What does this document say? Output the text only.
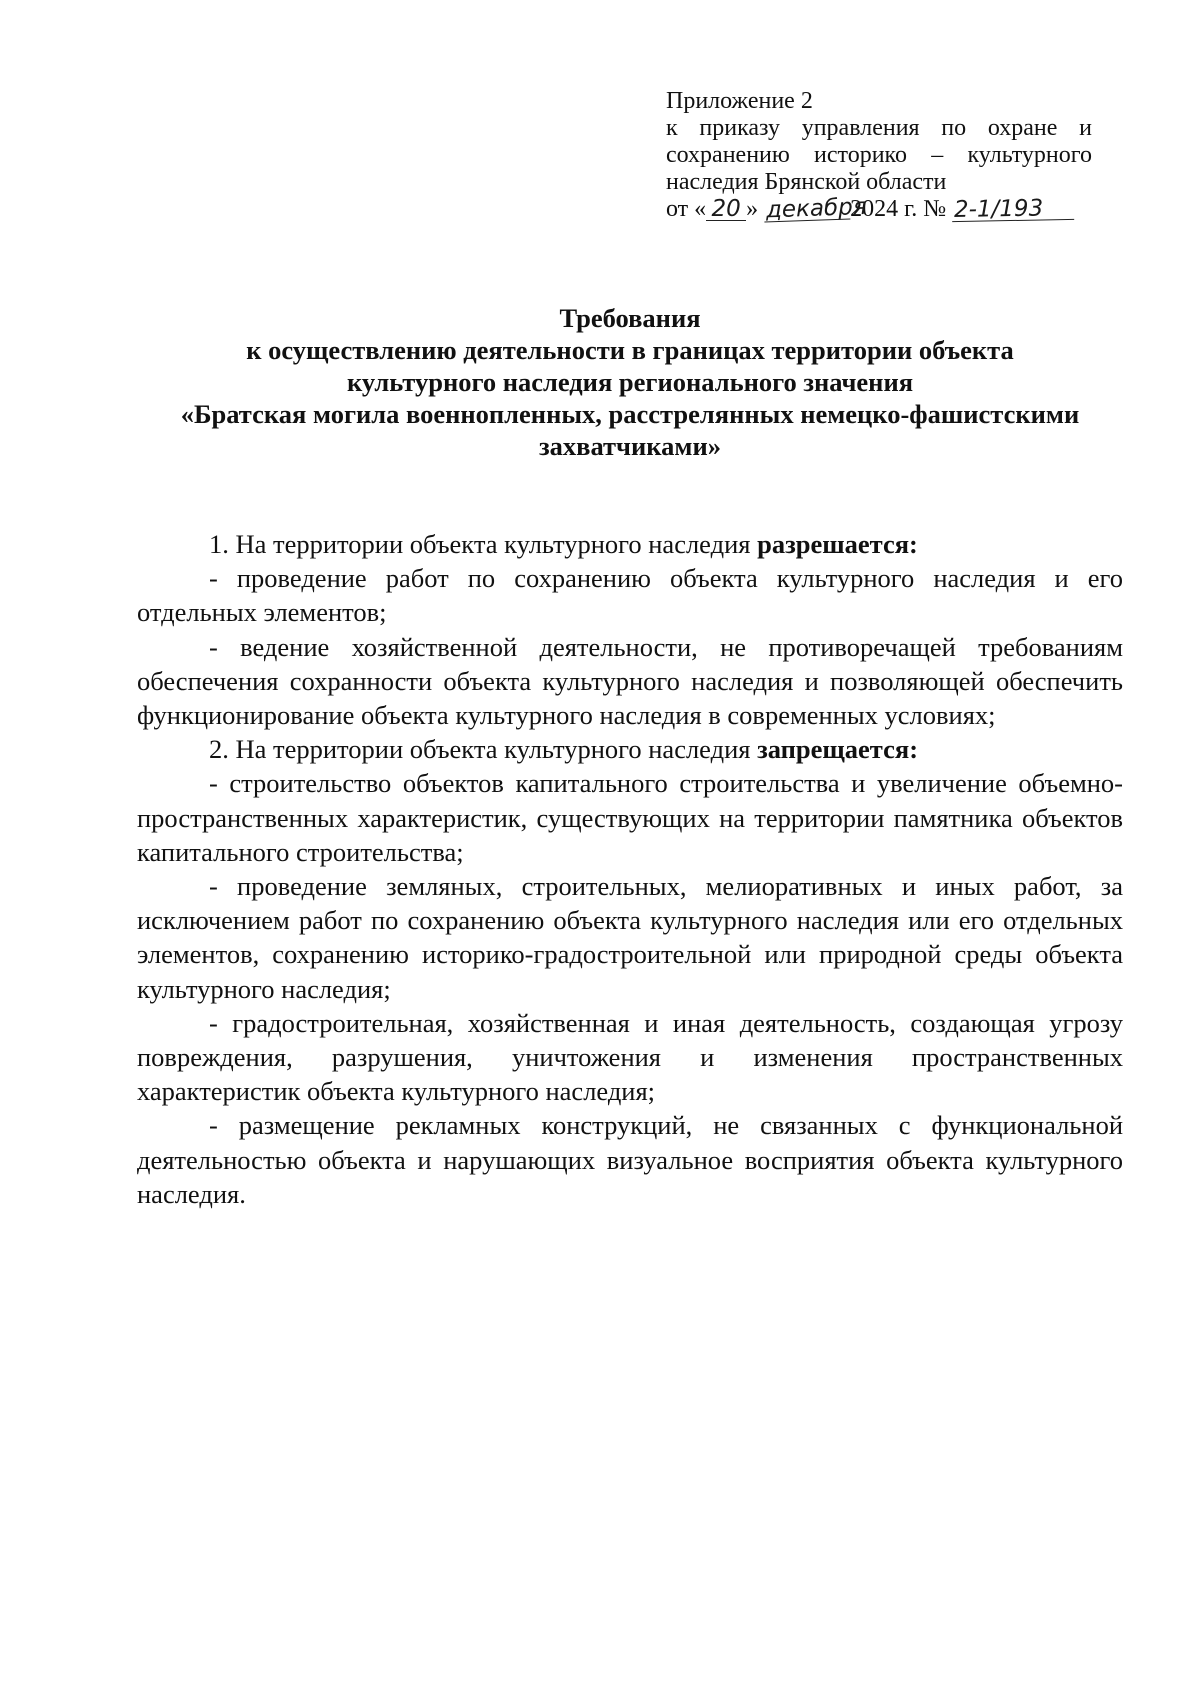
Приложение 2
к приказу управления по охране и
сохранению историко – культурного
наследия Брянской области
от « 20 » декабря2024 г. № 2-1/193
Требования
к осуществлению деятельности в границах территории объекта
культурного наследия регионального значения
«Братская могила военнопленных, расстрелянных немецко-фашистскими
захватчиками»

1. На территории объекта культурного наследия разрешается:

- проведение работ по сохранению объекта культурного наследия и его отдельных элементов;

- ведение хозяйственной деятельности, не противоречащей требованиям обеспечения сохранности объекта культурного наследия и позволяющей обеспечить функционирование объекта культурного наследия в современных условиях;

2. На территории объекта культурного наследия запрещается:

- строительство объектов капитального строительства и увеличение объемно-пространственных характеристик, существующих на территории памятника объектов капитального строительства;

- проведение земляных, строительных, мелиоративных и иных работ, за исключением работ по сохранению объекта культурного наследия или его отдельных элементов, сохранению историко-градостроительной или природной среды объекта культурного наследия;

- градостроительная, хозяйственная и иная деятельность, создающая угрозу повреждения, разрушения, уничтожения и изменения пространственных характеристик объекта культурного наследия;

- размещение рекламных конструкций, не связанных с функциональной деятельностью объекта и нарушающих визуальное восприятия объекта культурного наследия.
